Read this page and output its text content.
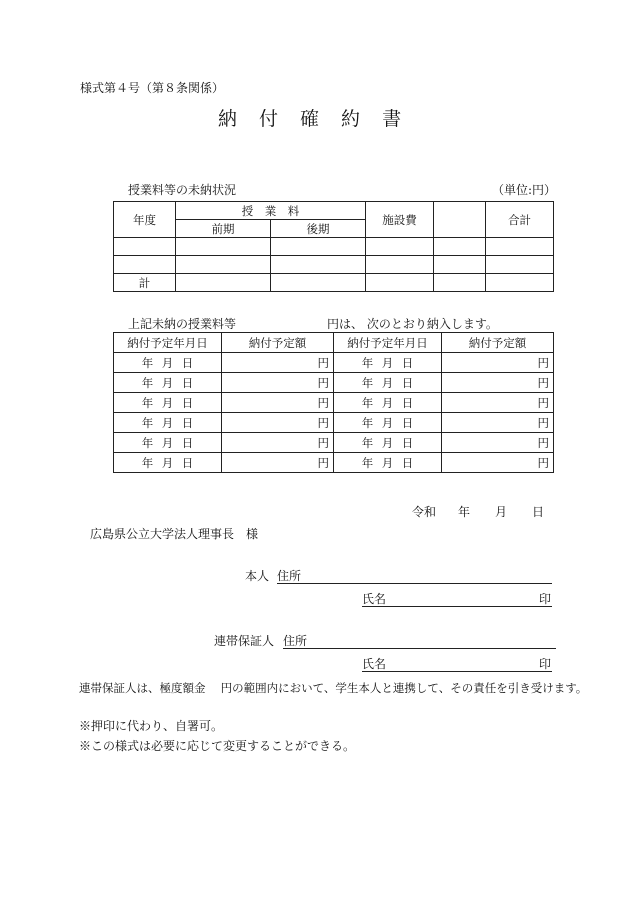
様式第４号（第８条関係）
納 付 確 約 書
授業料等の未納状況	（単位:円）
年度	授　業　料		施設費		合計
	前期	後期			

計					
上記未納の授業料等	円は、 次のとおり納入します。
納付予定年月日	納付予定額	納付予定年月日	納付予定額
年 月 日	円	年 月 日	円
年 月 日	円	年 月 日	円
年 月 日	円	年 月 日	円
年 月 日	円	年 月 日	円
年 月 日	円	年 月 日	円
年 月 日	円	年 月 日	円
令和 年 月 日
広島県公立大学法人理事長　様
本人 住所
氏名	印
連帯保証人 住所
氏名	印
連帯保証人は、極度額金　 円の範囲内において、学生本人と連携して、その責任を引き受けます。
※押印に代わり、自署可。
※この様式は必要に応じて変更することができる。
